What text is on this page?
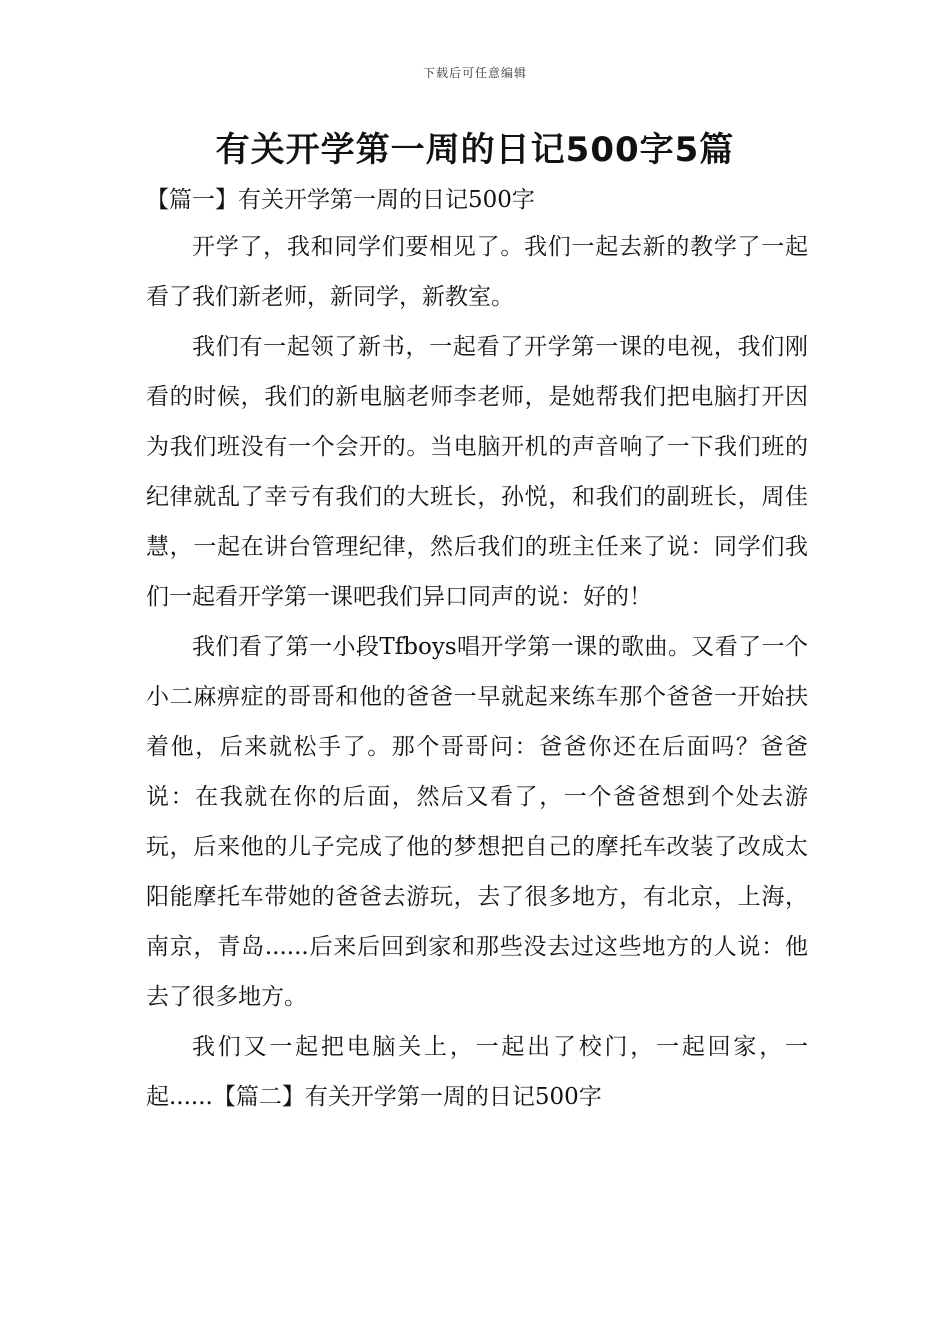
下载后可任意编辑
有关开学第一周的日记500字5篇

【篇一】有关开学第一周的日记500字

开学了，我和同学们要相见了。我们一起去新的教学了一起看了我们新老师，新同学，新教室。

我们有一起领了新书，一起看了开学第一课的电视，我们刚看的时候，我们的新电脑老师李老师，是她帮我们把电脑打开因为我们班没有一个会开的。当电脑开机的声音响了一下我们班的纪律就乱了幸亏有我们的大班长，孙悦，和我们的副班长，周佳慧，一起在讲台管理纪律，然后我们的班主任来了说：同学们我们一起看开学第一课吧我们异口同声的说：好的！

我们看了第一小段Tfboys唱开学第一课的歌曲。又看了一个小二麻痹症的哥哥和他的爸爸一早就起来练车那个爸爸一开始扶着他，后来就松手了。那个哥哥问：爸爸你还在后面吗？爸爸说：在我就在你的后面，然后又看了，一个爸爸想到个处去游玩，后来他的儿子完成了他的梦想把自己的摩托车改装了改成太阳能摩托车带她的爸爸去游玩，去了很多地方，有北京，上海，南京，青岛......后来后回到家和那些没去过这些地方的人说：他去了很多地方。

我们又一起把电脑关上，一起出了校门，一起回家，一起......【篇二】有关开学第一周的日记500字
